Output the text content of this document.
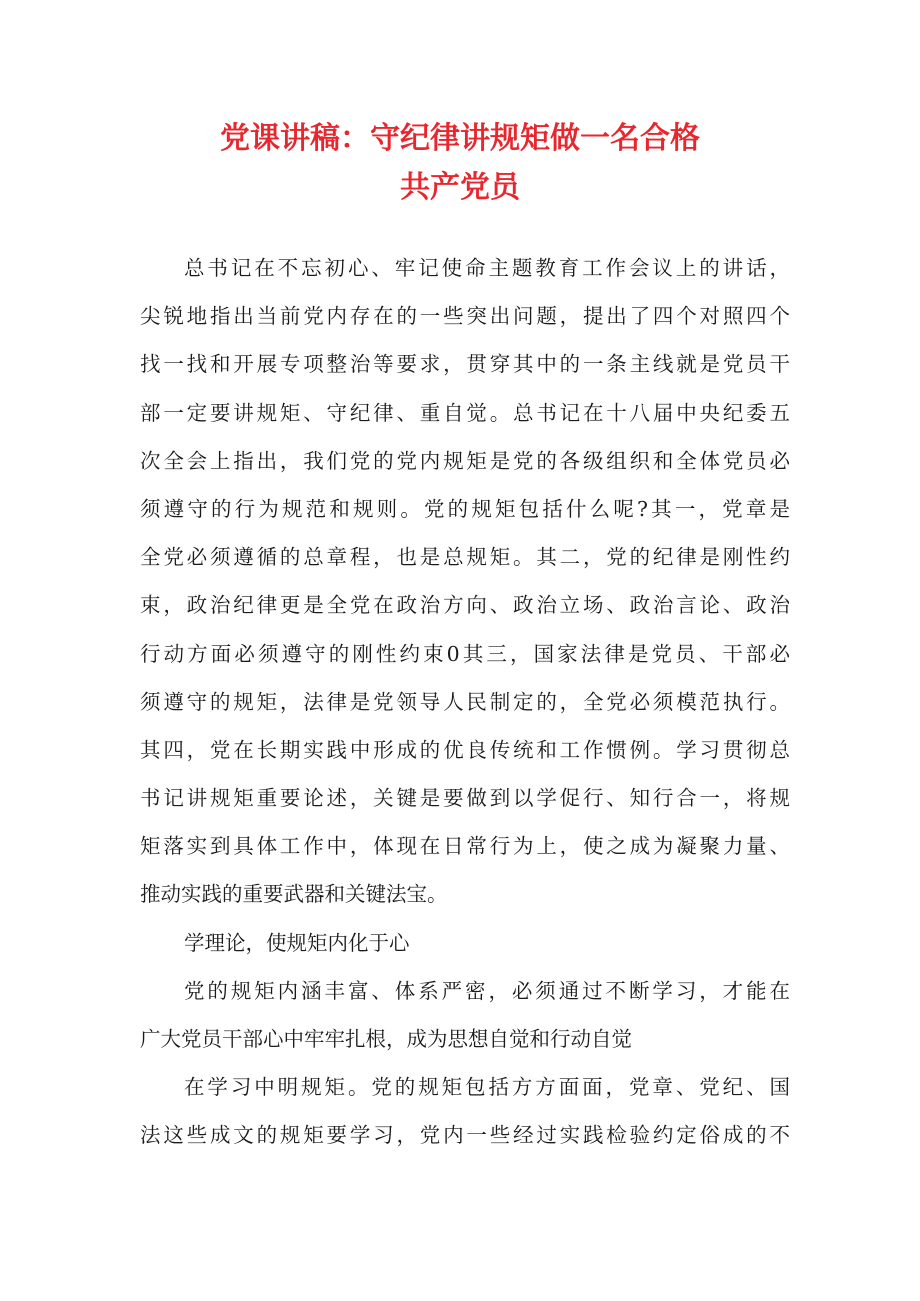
党课讲稿：守纪律讲规矩做一名合格
共产党员
总书记在不忘初心、牢记使命主题教育工作会议上的讲话，
尖锐地指出当前党内存在的一些突出问题，提出了四个对照四个
找一找和开展专项整治等要求，贯穿其中的一条主线就是党员干
部一定要讲规矩、守纪律、重自觉。总书记在十八届中央纪委五
次全会上指出，我们党的党内规矩是党的各级组织和全体党员必
须遵守的行为规范和规则。党的规矩包括什么呢?其一，党章是
全党必须遵循的总章程，也是总规矩。其二，党的纪律是刚性约
束，政治纪律更是全党在政治方向、政治立场、政治言论、政治
行动方面必须遵守的刚性约束0其三，国家法律是党员、干部必
须遵守的规矩，法律是党领导人民制定的，全党必须模范执行。
其四，党在长期实践中形成的优良传统和工作惯例。学习贯彻总
书记讲规矩重要论述，关键是要做到以学促行、知行合一，将规
矩落实到具体工作中，体现在日常行为上，使之成为凝聚力量、
推动实践的重要武器和关键法宝。
学理论，使规矩内化于心
党的规矩内涵丰富、体系严密，必须通过不断学习，才能在
广大党员干部心中牢牢扎根，成为思想自觉和行动自觉
在学习中明规矩。党的规矩包括方方面面，党章、党纪、国
法这些成文的规矩要学习，党内一些经过实践检验约定俗成的不
